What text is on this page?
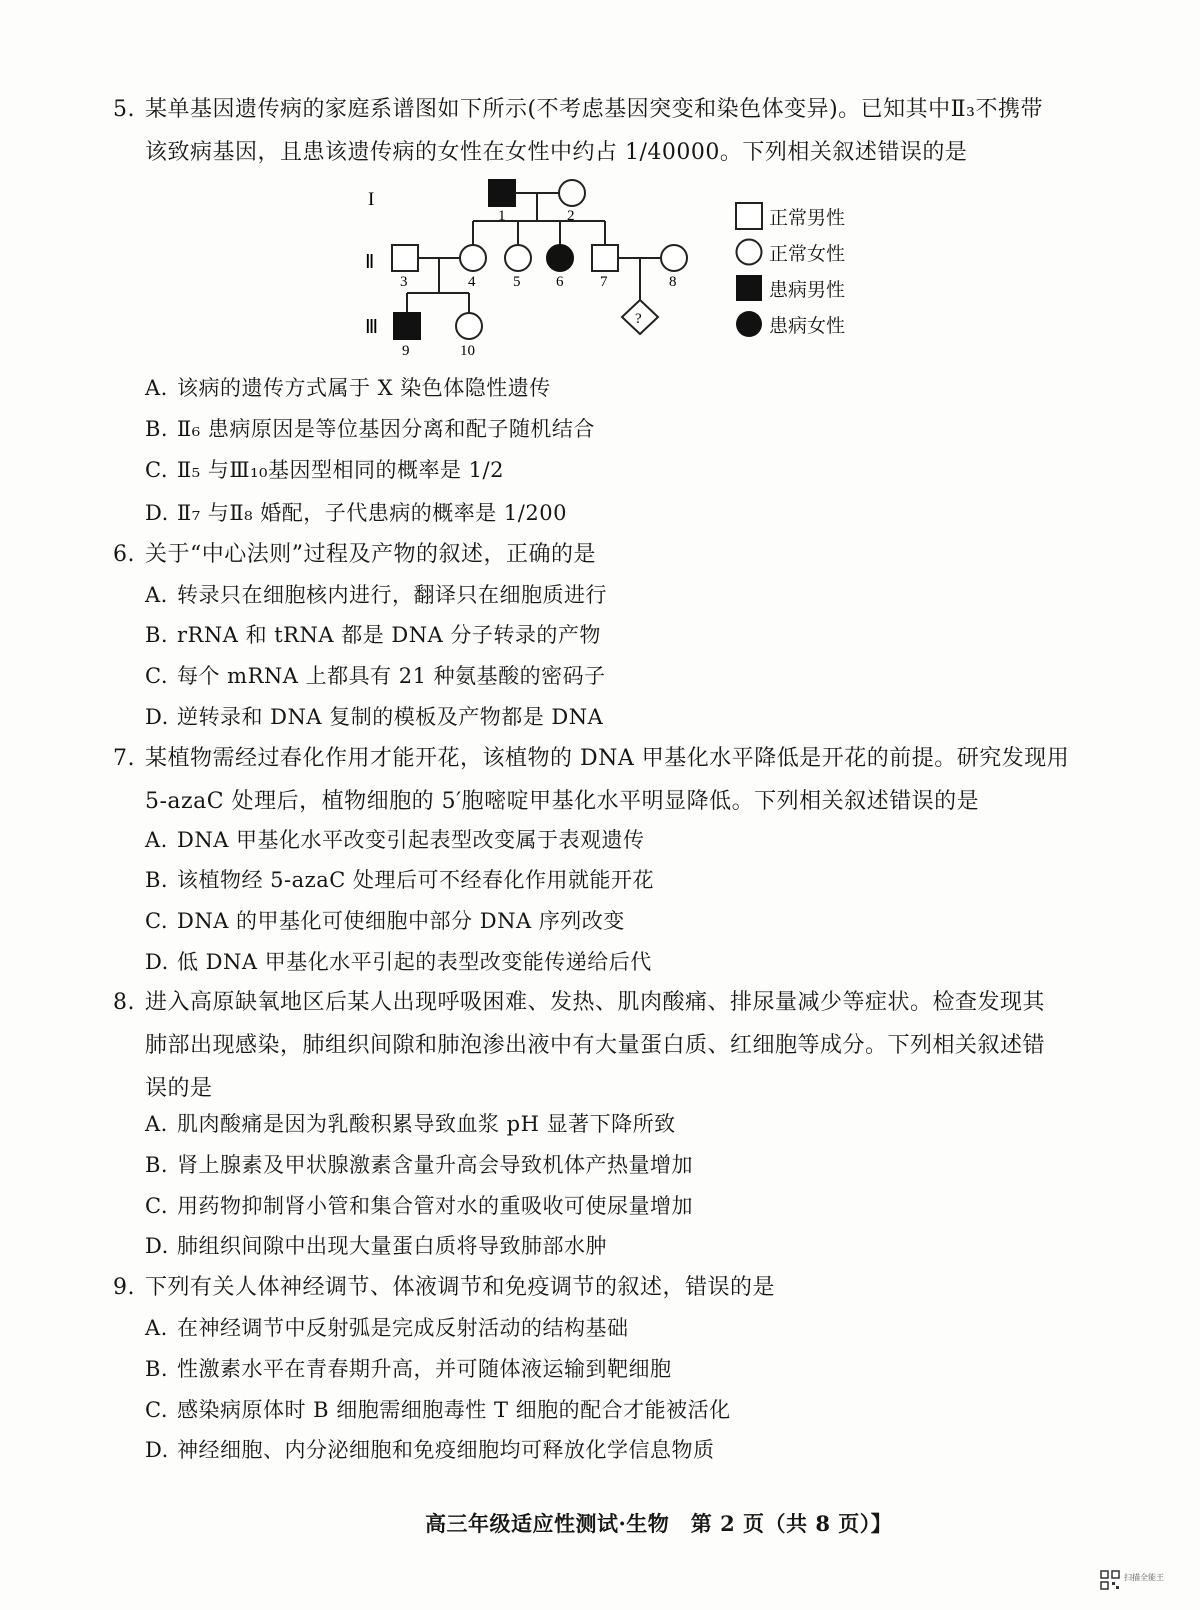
5. 某单基因遗传病的家庭系谱图如下所示(不考虑基因突变和染色体变异)。已知其中Ⅱ₃不携带
该致病基因，且患该遗传病的女性在女性中约占 1/40000。下列相关叙述错误的是
I
Ⅱ
Ⅲ
1	2
3	4	5 6 7	8
?
9	10
正常男性
正常女性
患病男性
患病女性
A. 该病的遗传方式属于 X 染色体隐性遗传
B. Ⅱ₆ 患病原因是等位基因分离和配子随机结合
C. Ⅱ₅ 与Ⅲ₁₀基因型相同的概率是 1/2
D. Ⅱ₇ 与Ⅱ₈ 婚配，子代患病的概率是 1/200
6. 关于“中心法则”过程及产物的叙述，正确的是
A. 转录只在细胞核内进行，翻译只在细胞质进行
B. rRNA 和 tRNA 都是 DNA 分子转录的产物
C. 每个 mRNA 上都具有 21 种氨基酸的密码子
D. 逆转录和 DNA 复制的模板及产物都是 DNA
7. 某植物需经过春化作用才能开花，该植物的 DNA 甲基化水平降低是开花的前提。研究发现用
5-azaC 处理后，植物细胞的 5′胞嘧啶甲基化水平明显降低。下列相关叙述错误的是
A. DNA 甲基化水平改变引起表型改变属于表观遗传
B. 该植物经 5-azaC 处理后可不经春化作用就能开花
C. DNA 的甲基化可使细胞中部分 DNA 序列改变
D. 低 DNA 甲基化水平引起的表型改变能传递给后代
8. 进入高原缺氧地区后某人出现呼吸困难、发热、肌肉酸痛、排尿量减少等症状。检查发现其
肺部出现感染，肺组织间隙和肺泡渗出液中有大量蛋白质、红细胞等成分。下列相关叙述错
误的是
A. 肌肉酸痛是因为乳酸积累导致血浆 pH 显著下降所致
B. 肾上腺素及甲状腺激素含量升高会导致机体产热量增加
C. 用药物抑制肾小管和集合管对水的重吸收可使尿量增加
D. 肺组织间隙中出现大量蛋白质将导致肺部水肿
9. 下列有关人体神经调节、体液调节和免疫调节的叙述，错误的是
A. 在神经调节中反射弧是完成反射活动的结构基础
B. 性激素水平在青春期升高，并可随体液运输到靶细胞
C. 感染病原体时 B 细胞需细胞毒性 T 细胞的配合才能被活化
D. 神经细胞、内分泌细胞和免疫细胞均可释放化学信息物质
高三年级适应性测试·生物　第 2 页（共 8 页）】
扫描全能王
